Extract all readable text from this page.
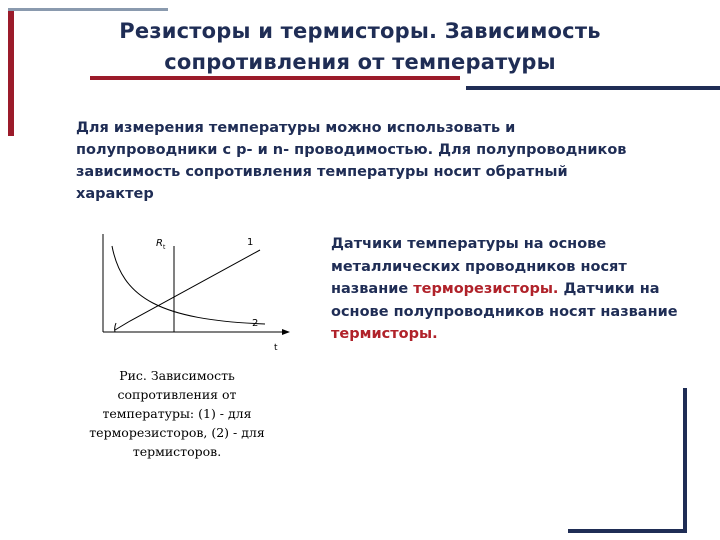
Резисторы и термисторы. Зависимость
сопротивления от температуры
Для измерения температуры можно использовать и полупроводники с p- и n- проводимостью. Для полупроводников зависимость сопротивления температуры носит обратный характер
R t	1
2
t
Рис. Зависимость сопротивления от температуры: (1) - для терморезисторов, (2) - для термисторов.
Датчики температуры на основе металлических проводников носят название терморезисторы. Датчики на основе полупроводников носят название термисторы.
